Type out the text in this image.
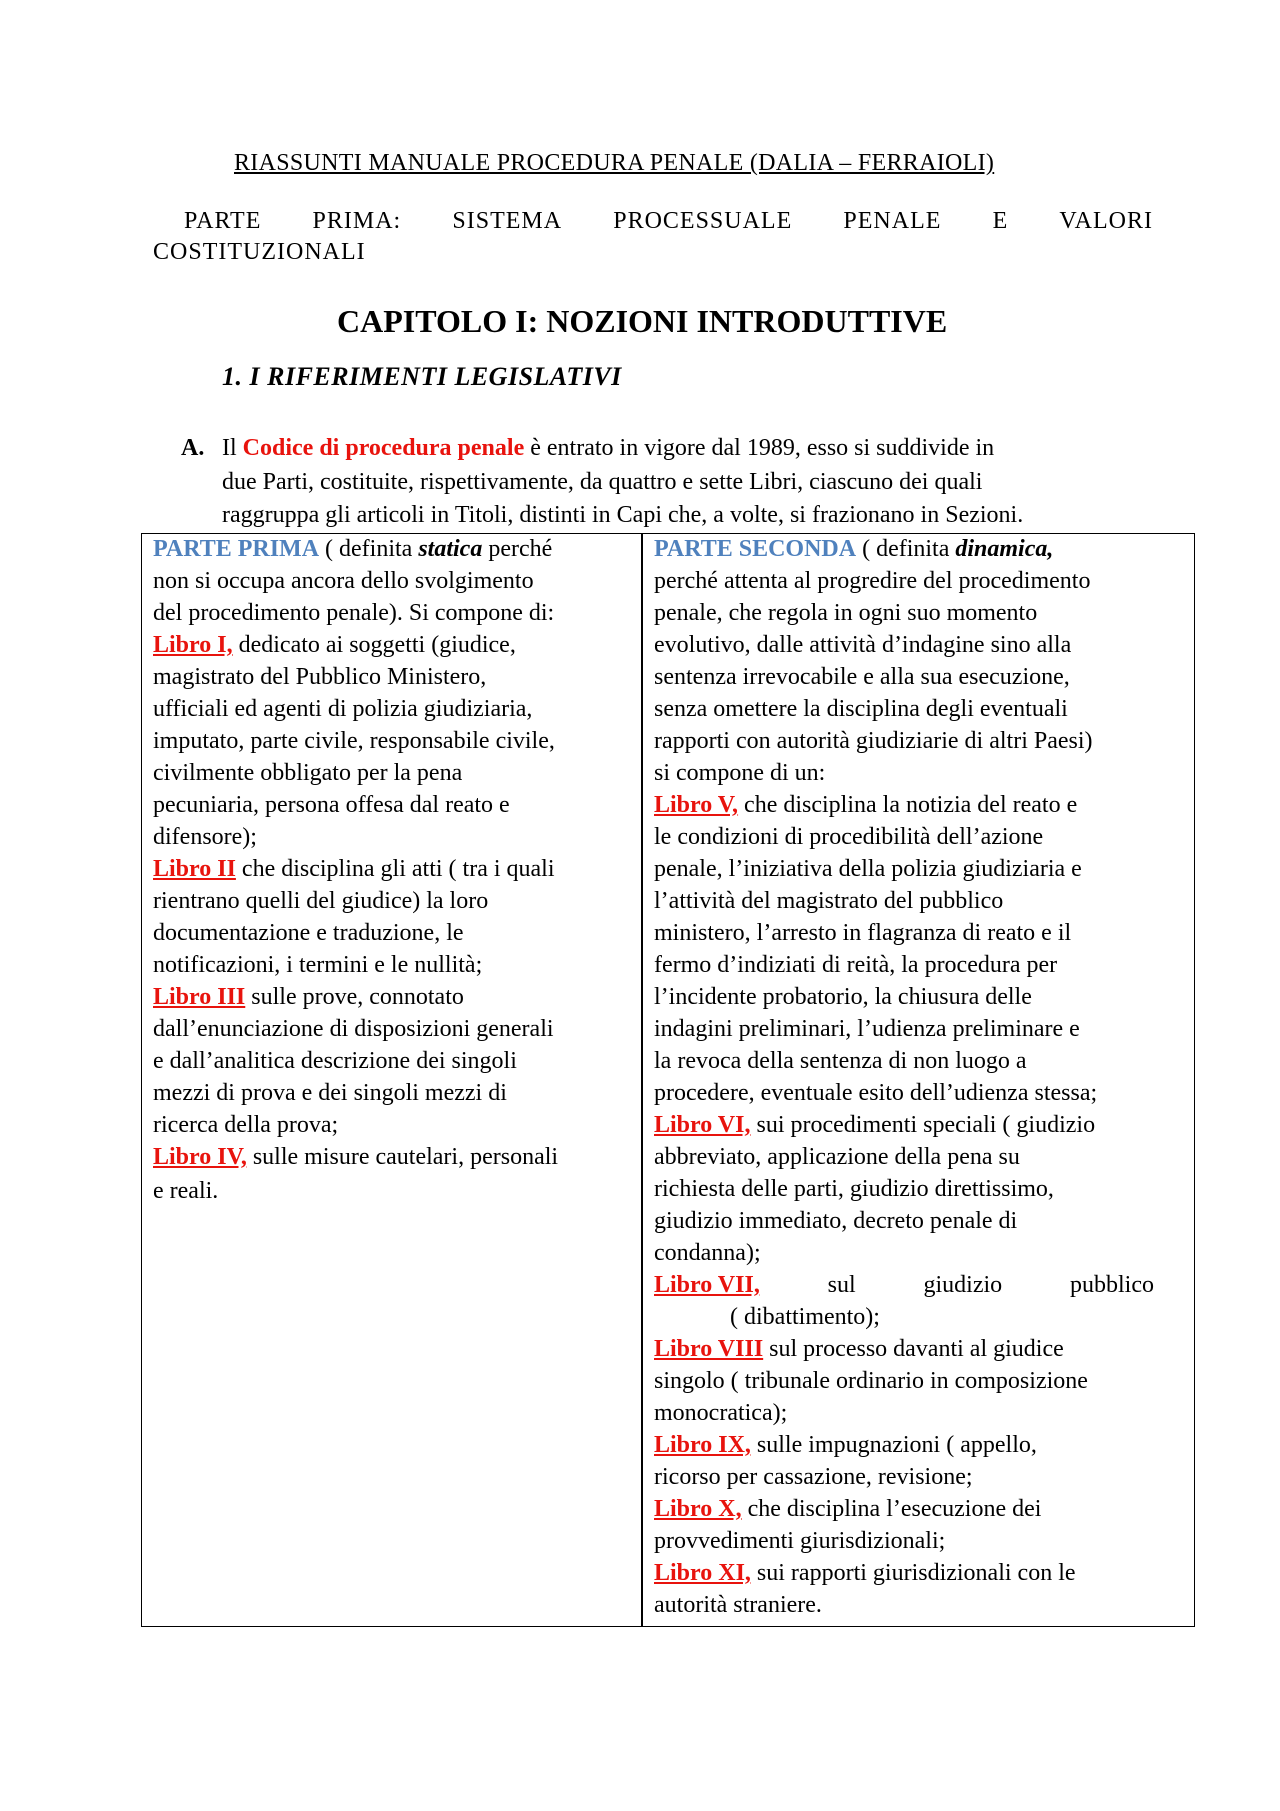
RIASSUNTI MANUALE PROCEDURA PENALE (DALIA – FERRAIOLI)
PARTE PRIMA: SISTEMA PROCESSUALE PENALE E VALORI
COSTITUZIONALI
CAPITOLO I: NOZIONI INTRODUTTIVE
1. I RIFERIMENTI LEGISLATIVI
A. Il Codice di procedura penale è entrato in vigore dal 1989, esso si suddivide in
due Parti, costituite, rispettivamente, da quattro e sette Libri, ciascuno dei quali
raggruppa gli articoli in Titoli, distinti in Capi che, a volte, si frazionano in Sezioni.
PARTE PRIMA ( definita statica perché
non si occupa ancora dello svolgimento
del procedimento penale). Si compone di:
Libro I, dedicato ai soggetti (giudice,
magistrato del Pubblico Ministero,
ufficiali ed agenti di polizia giudiziaria,
imputato, parte civile, responsabile civile,
civilmente obbligato per la pena
pecuniaria, persona offesa dal reato e
difensore);
Libro II che disciplina gli atti ( tra i quali
rientrano quelli del giudice) la loro
documentazione e traduzione, le
notificazioni, i termini e le nullità;
Libro III sulle prove, connotato
dall’enunciazione di disposizioni generali
e dall’analitica descrizione dei singoli
mezzi di prova e dei singoli mezzi di
ricerca della prova;
Libro IV, sulle misure cautelari, personali
e reali.
PARTE SECONDA ( definita dinamica,
perché attenta al progredire del procedimento
penale, che regola in ogni suo momento
evolutivo, dalle attività d’indagine sino alla
sentenza irrevocabile e alla sua esecuzione,
senza omettere la disciplina degli eventuali
rapporti con autorità giudiziarie di altri Paesi)
si compone di un:
Libro V, che disciplina la notizia del reato e
le condizioni di procedibilità dell’azione
penale, l’iniziativa della polizia giudiziaria e
l’attività del magistrato del pubblico
ministero, l’arresto in flagranza di reato e il
fermo d’indiziati di reità, la procedura per
l’incidente probatorio, la chiusura delle
indagini preliminari, l’udienza preliminare e
la revoca della sentenza di non luogo a
procedere, eventuale esito dell’udienza stessa;
Libro VI, sui procedimenti speciali ( giudizio
abbreviato, applicazione della pena su
richiesta delle parti, giudizio direttissimo,
giudizio immediato, decreto penale di
condanna);
Libro VII,	sul	giudizio	pubblico
( dibattimento);
Libro VIII sul processo davanti al giudice
singolo ( tribunale ordinario in composizione
monocratica);
Libro IX, sulle impugnazioni ( appello,
ricorso per cassazione, revisione;
Libro X, che disciplina l’esecuzione dei
provvedimenti giurisdizionali;
Libro XI, sui rapporti giurisdizionali con le
autorità straniere.
